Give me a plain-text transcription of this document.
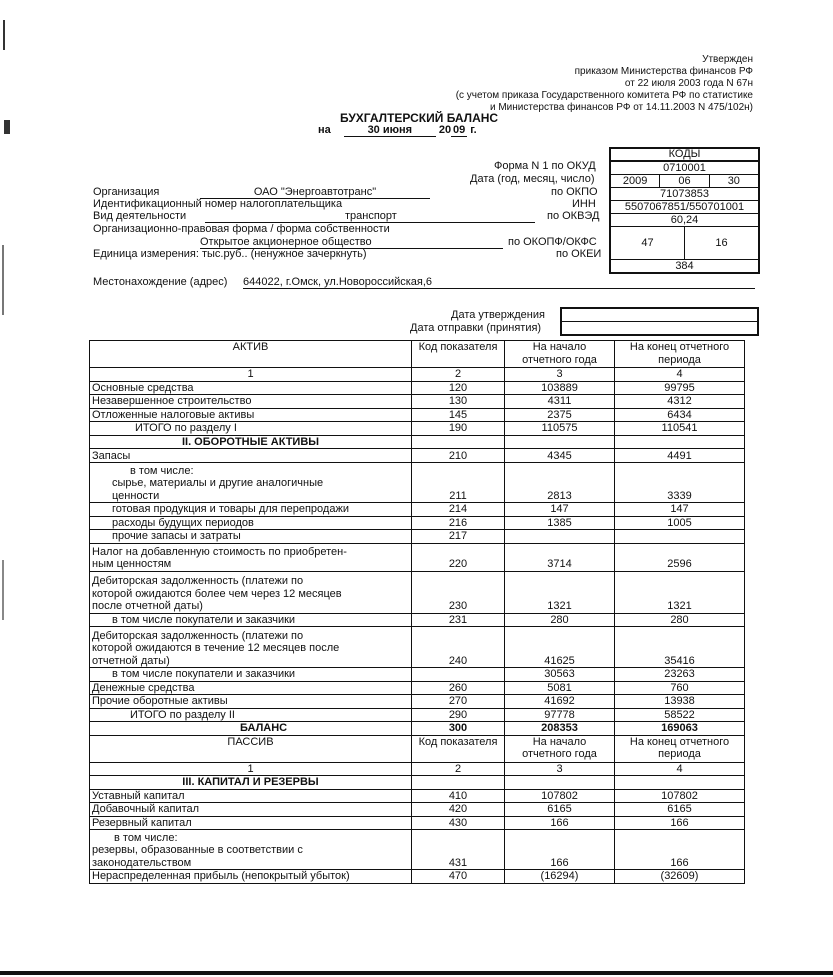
Утвержден
приказом Министерства финансов РФ
от 22 июля 2003 года N 67н
(с учетом приказа Государственного комитета РФ по статистике
и Министерства финансов РФ от 14.11.2003 N 475/102н)
БУХГАЛТЕРСКИЙ БАЛАНС
на	30 июня 20 09 г.
Форма N 1 по ОКУД
Дата (год, месяц, число)
Организация	ОАО "Энергоавтотранс"	по ОКПО
Идентификационный номер налогоплательщика	ИНН
Вид деятельности	транспорт	по ОКВЭД
Организационно-правовая форма / форма собственности
Открытое акционерное общество	по ОКОПФ/ОКФС
Единица измерения: тыс.руб.. (ненужное зачеркнуть)	по ОКЕИ
Местонахождение (адрес) 644022, г.Омск, ул.Новороссийская,6
КОДЫ
0710001
2009	06	30
71073853
5507067851/550701001
60,24
47	16
384
Дата утверждения
Дата отправки (принятия)
АКТИВ	Код показателя	На начало отчетного года	На конец отчетного периода
1	2	3	4
Основные средства	120	103889	99795
Незавершенное строительство	130	4311	4312
Отложенные налоговые активы	145	2375	6434
ИТОГО по разделу I	190	110575	110541
II. ОБОРОТНЫЕ АКТИВЫ			
Запасы	210	4345	4491

в том числе:
сырье, материалы и другие аналогичные
ценности	211	2813	3339
готовая продукция и товары для перепродажи	214	147	147
расходы будущих периодов	216	1385	1005
прочие запасы и затраты	217		

Налог на добавленную стоимость по приобретен-
ным ценностям	220	3714	2596

Дебиторская задолженность (платежи по
которой ожидаются более чем через 12 месяцев
после отчетной даты)	230	1321	1321
в том числе покупатели и заказчики	231	280	280

Дебиторская задолженность (платежи по
которой ожидаются в течение 12 месяцев после
отчетной даты)	240	41625	35416
в том числе покупатели и заказчики		30563	23263
Денежные средства	260	5081	760
Прочие оборотные активы	270	41692	13938
ИТОГО по разделу II	290	97778	58522
БАЛАНС	300	208353	169063
ПАССИВ	Код показателя	На начало отчетного года	На конец отчетного периода
1	2	3	4
III. КАПИТАЛ И РЕЗЕРВЫ			
Уставный капитал	410	107802	107802
Добавочный капитал	420	6165	6165
Резервный капитал	430	166	166

в том числе:
резервы, образованные в соответствии с
законодательством	431	166	166
Нераспределенная прибыль (непокрытый убыток)	470	(16294)	(32609)
